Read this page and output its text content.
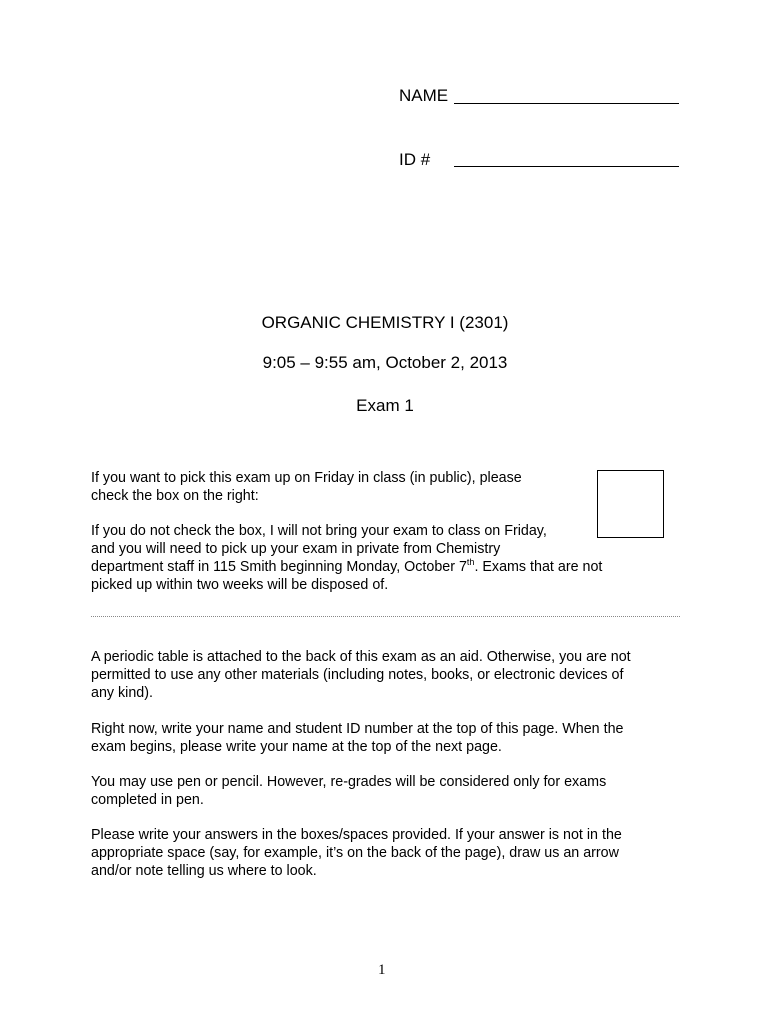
NAME
ID #
ORGANIC CHEMISTRY I (2301)
9:05 – 9:55 am, October 2, 2013
Exam 1
If you want to pick this exam up on Friday in class (in public), please
check the box on the right:
If you do not check the box, I will not bring your exam to class on Friday,
and you will need to pick up your exam in private from Chemistry
department staff in 115 Smith beginning Monday, October 7th. Exams that are not
picked up within two weeks will be disposed of.
A periodic table is attached to the back of this exam as an aid. Otherwise, you are not
permitted to use any other materials (including notes, books, or electronic devices of
any kind).
Right now, write your name and student ID number at the top of this page. When the
exam begins, please write your name at the top of the next page.
You may use pen or pencil. However, re-grades will be considered only for exams
completed in pen.
Please write your answers in the boxes/spaces provided. If your answer is not in the
appropriate space (say, for example, it’s on the back of the page), draw us an arrow
and/or note telling us where to look.
1
